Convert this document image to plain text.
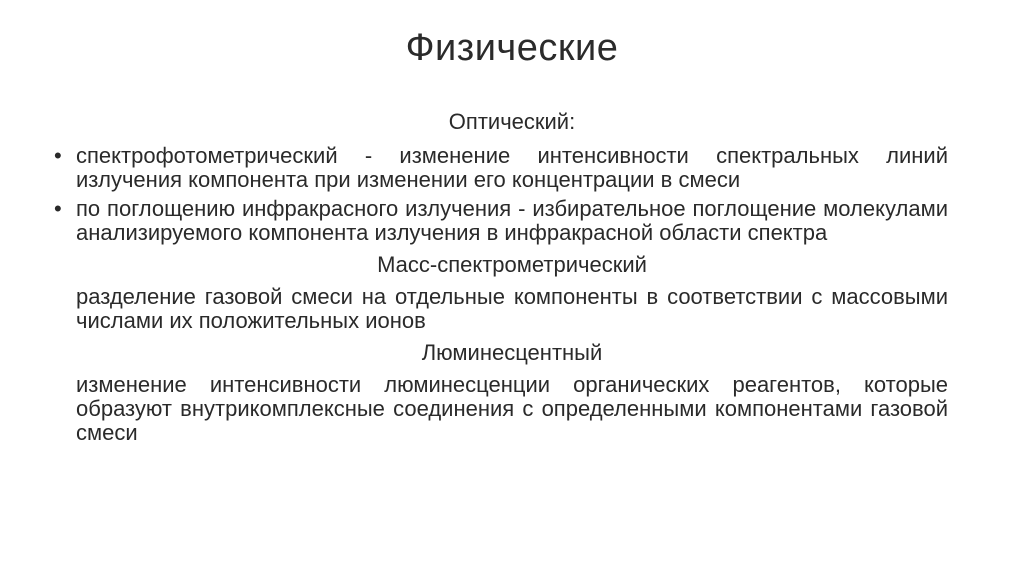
Физические

Оптический:

• спектрофотометрический - изменение интенсивности спектральных линий излучения компонента при изменении его концентрации в смеси
• по поглощению инфракрасного излучения - избирательное поглощение молекулами анализируемого компонента излучения в инфракрасной области спектра

Масс-спектрометрический

разделение газовой смеси на отдельные компоненты в соответствии с массовыми числами их положительных ионов

Люминесцентный

изменение интенсивности люминесценции органических реагентов, которые образуют внутрикомплексные соединения с определенными компонентами газовой смеси
